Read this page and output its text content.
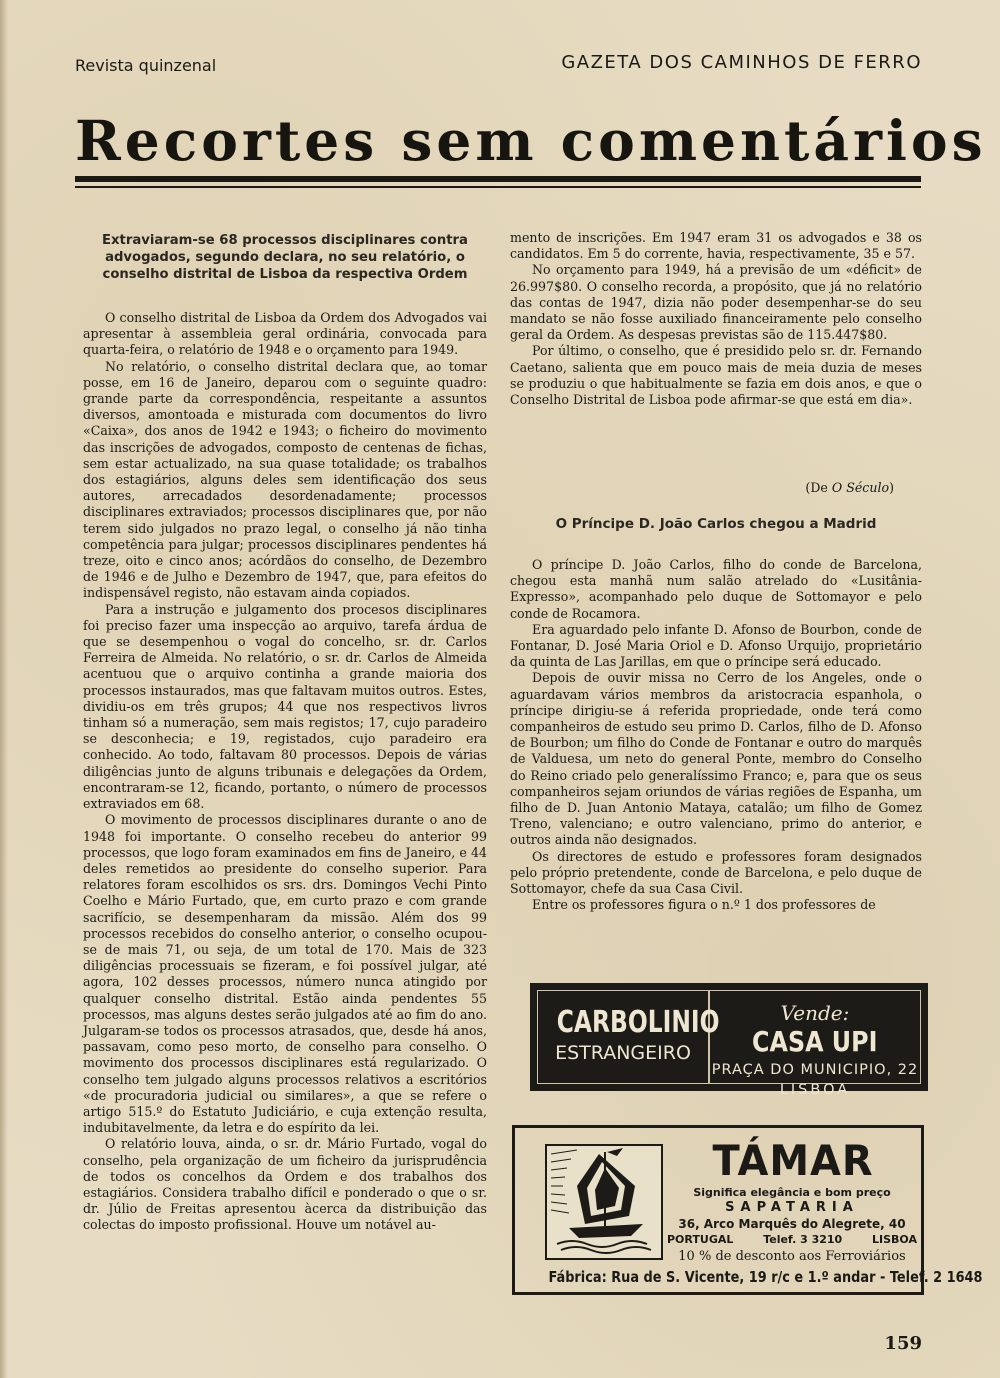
Revista quinzenal	GAZETA DOS CAMINHOS DE FERRO
Recortes sem comentários
Extraviaram-se 68 processos disciplinares contra advogados, segundo declara, no seu relatório, o conselho distrital de Lisboa da respectiva Ordem

O conselho distrital de Lisboa da Ordem dos Advogados vai apresentar à assembleia geral ordinária, convocada para quarta-feira, o relatório de 1948 e o orçamento para 1949.

No relatório, o conselho distrital declara que, ao tomar posse, em 16 de Janeiro, deparou com o seguinte quadro: grande parte da correspondência, respeitante a assuntos diversos, amontoada e misturada com documentos do livro «Caixa», dos anos de 1942 e 1943; o ficheiro do movimento das inscrições de advogados, composto de centenas de fichas, sem estar actualizado, na sua quase totalidade; os trabalhos dos estagiários, alguns deles sem identificação dos seus autores, arrecadados desordenadamente; processos disciplinares extraviados; processos disciplinares que, por não terem sido julgados no prazo legal, o conselho já não tinha competência para julgar; processos disciplinares pendentes há treze, oito e cinco anos; acórdãos do conselho, de Dezembro de 1946 e de Julho e Dezembro de 1947, que, para efeitos do indispensável registo, não estavam ainda copiados.

Para a instrução e julgamento dos procesos disciplinares foi preciso fazer uma inspecção ao arquivo, tarefa árdua de que se desempenhou o vogal do concelho, sr. dr. Carlos Ferreira de Almeida. No relatório, o sr. dr. Carlos de Almeida acentuou que o arquivo continha a grande maioria dos processos instaurados, mas que faltavam muitos outros. Estes, dividiu-os em três grupos; 44 que nos respectivos livros tinham só a numeração, sem mais registos; 17, cujo paradeiro se desconhecia; e 19, registados, cujo paradeiro era conhecido. Ao todo, faltavam 80 processos. Depois de várias diligências junto de alguns tribunais e delegações da Ordem, encontraram-se 12, ficando, portanto, o número de processos extraviados em 68.

O movimento de processos disciplinares durante o ano de 1948 foi importante. O conselho recebeu do anterior 99 processos, que logo foram examinados em fins de Janeiro, e 44 deles remetidos ao presidente do conselho superior. Para relatores foram escolhidos os srs. drs. Domingos Vechi Pinto Coelho e Mário Furtado, que, em curto prazo e com grande sacrifício, se desempenharam da missão. Além dos 99 processos recebidos do conselho anterior, o conselho ocupou-se de mais 71, ou seja, de um total de 170. Mais de 323 diligências processuais se fizeram, e foi possível julgar, até agora, 102 desses processos, número nunca atingido por qualquer conselho distrital. Estão ainda pendentes 55 processos, mas alguns destes serão julgados até ao fim do ano. Julgaram-se todos os processos atrasados, que, desde há anos, passavam, como peso morto, de conselho para conselho. O movimento dos processos disciplinares está regularizado. O conselho tem julgado alguns processos relativos a escritórios «de procuradoria judicial ou similares», a que se refere o artigo 515.º do Estatuto Judiciário, e cuja extenção resulta, indubitavelmente, da letra e do espírito da lei.

O relatório louva, ainda, o sr. dr. Mário Furtado, vogal do conselho, pela organização de um ficheiro da jurisprudência de todos os concelhos da Ordem e dos trabalhos dos estagiários. Considera trabalho difícil e ponderado o que o sr. dr. Júlio de Freitas apresentou àcerca da distribuição das colectas do imposto profissional. Houve um notável au-

mento de inscrições. Em 1947 eram 31 os advogados e 38 os candidatos. Em 5 do corrente, havia, respectivamente, 35 e 57.

No orçamento para 1949, há a previsão de um «déficit» de 26.997$80. O conselho recorda, a propósito, que já no relatório das contas de 1947, dizia não poder desempenhar-se do seu mandato se não fosse auxiliado financeiramente pelo conselho geral da Ordem. As despesas previstas são de 115.447$80.

Por último, o conselho, que é presidido pelo sr. dr. Fernando Caetano, salienta que em pouco mais de meia duzia de meses se produziu o que habitualmente se fazia em dois anos, e que o Conselho Distrital de Lisboa pode afirmar-se que está em dia».

(De O Século)
O Príncipe D. João Carlos chegou a Madrid

O príncipe D. João Carlos, filho do conde de Barcelona, chegou esta manhã num salão atrelado do «Lusitânia-Expresso», acompanhado pelo duque de Sottomayor e pelo conde de Rocamora.

Era aguardado pelo infante D. Afonso de Bourbon, conde de Fontanar, D. José Maria Oriol e D. Afonso Urquijo, proprietário da quinta de Las Jarillas, em que o príncipe será educado.

Depois de ouvir missa no Cerro de los Angeles, onde o aguardavam vários membros da aristocracia espanhola, o príncipe dirigiu-se á referida propriedade, onde terá como companheiros de estudo seu primo D. Carlos, filho de D. Afonso de Bourbon; um filho do Conde de Fontanar e outro do marquês de Valduesa, um neto do general Ponte, membro do Conselho do Reino criado pelo generalíssimo Franco; e, para que os seus companheiros sejam oriundos de várias regiões de Espanha, um filho de D. Juan Antonio Mataya, catalão; um filho de Gomez Treno, valenciano; e outro valenciano, primo do anterior, e outros ainda não designados.

Os directores de estudo e professores foram designados pelo próprio pretendente, conde de Barcelona, e pelo duque de Sottomayor, chefe da sua Casa Civil.

Entre os professores figura o n.º 1 dos professores de

CARBOLINIO
ESTRANGEIRO
Vende: CASA UPI
PRAÇA DO MUNICIPIO, 22
LISBOA
TÁMAR
Significa elegância e bom preço
SAPATARIA
36, Arco Marquês do Alegrete, 40
PORTUGAL	Telef. 3 3210	LISBOA
10 % de desconto aos Ferroviários
Fábrica: Rua de S. Vicente, 19 r/c e 1.º andar - Telef. 2 1648
159
